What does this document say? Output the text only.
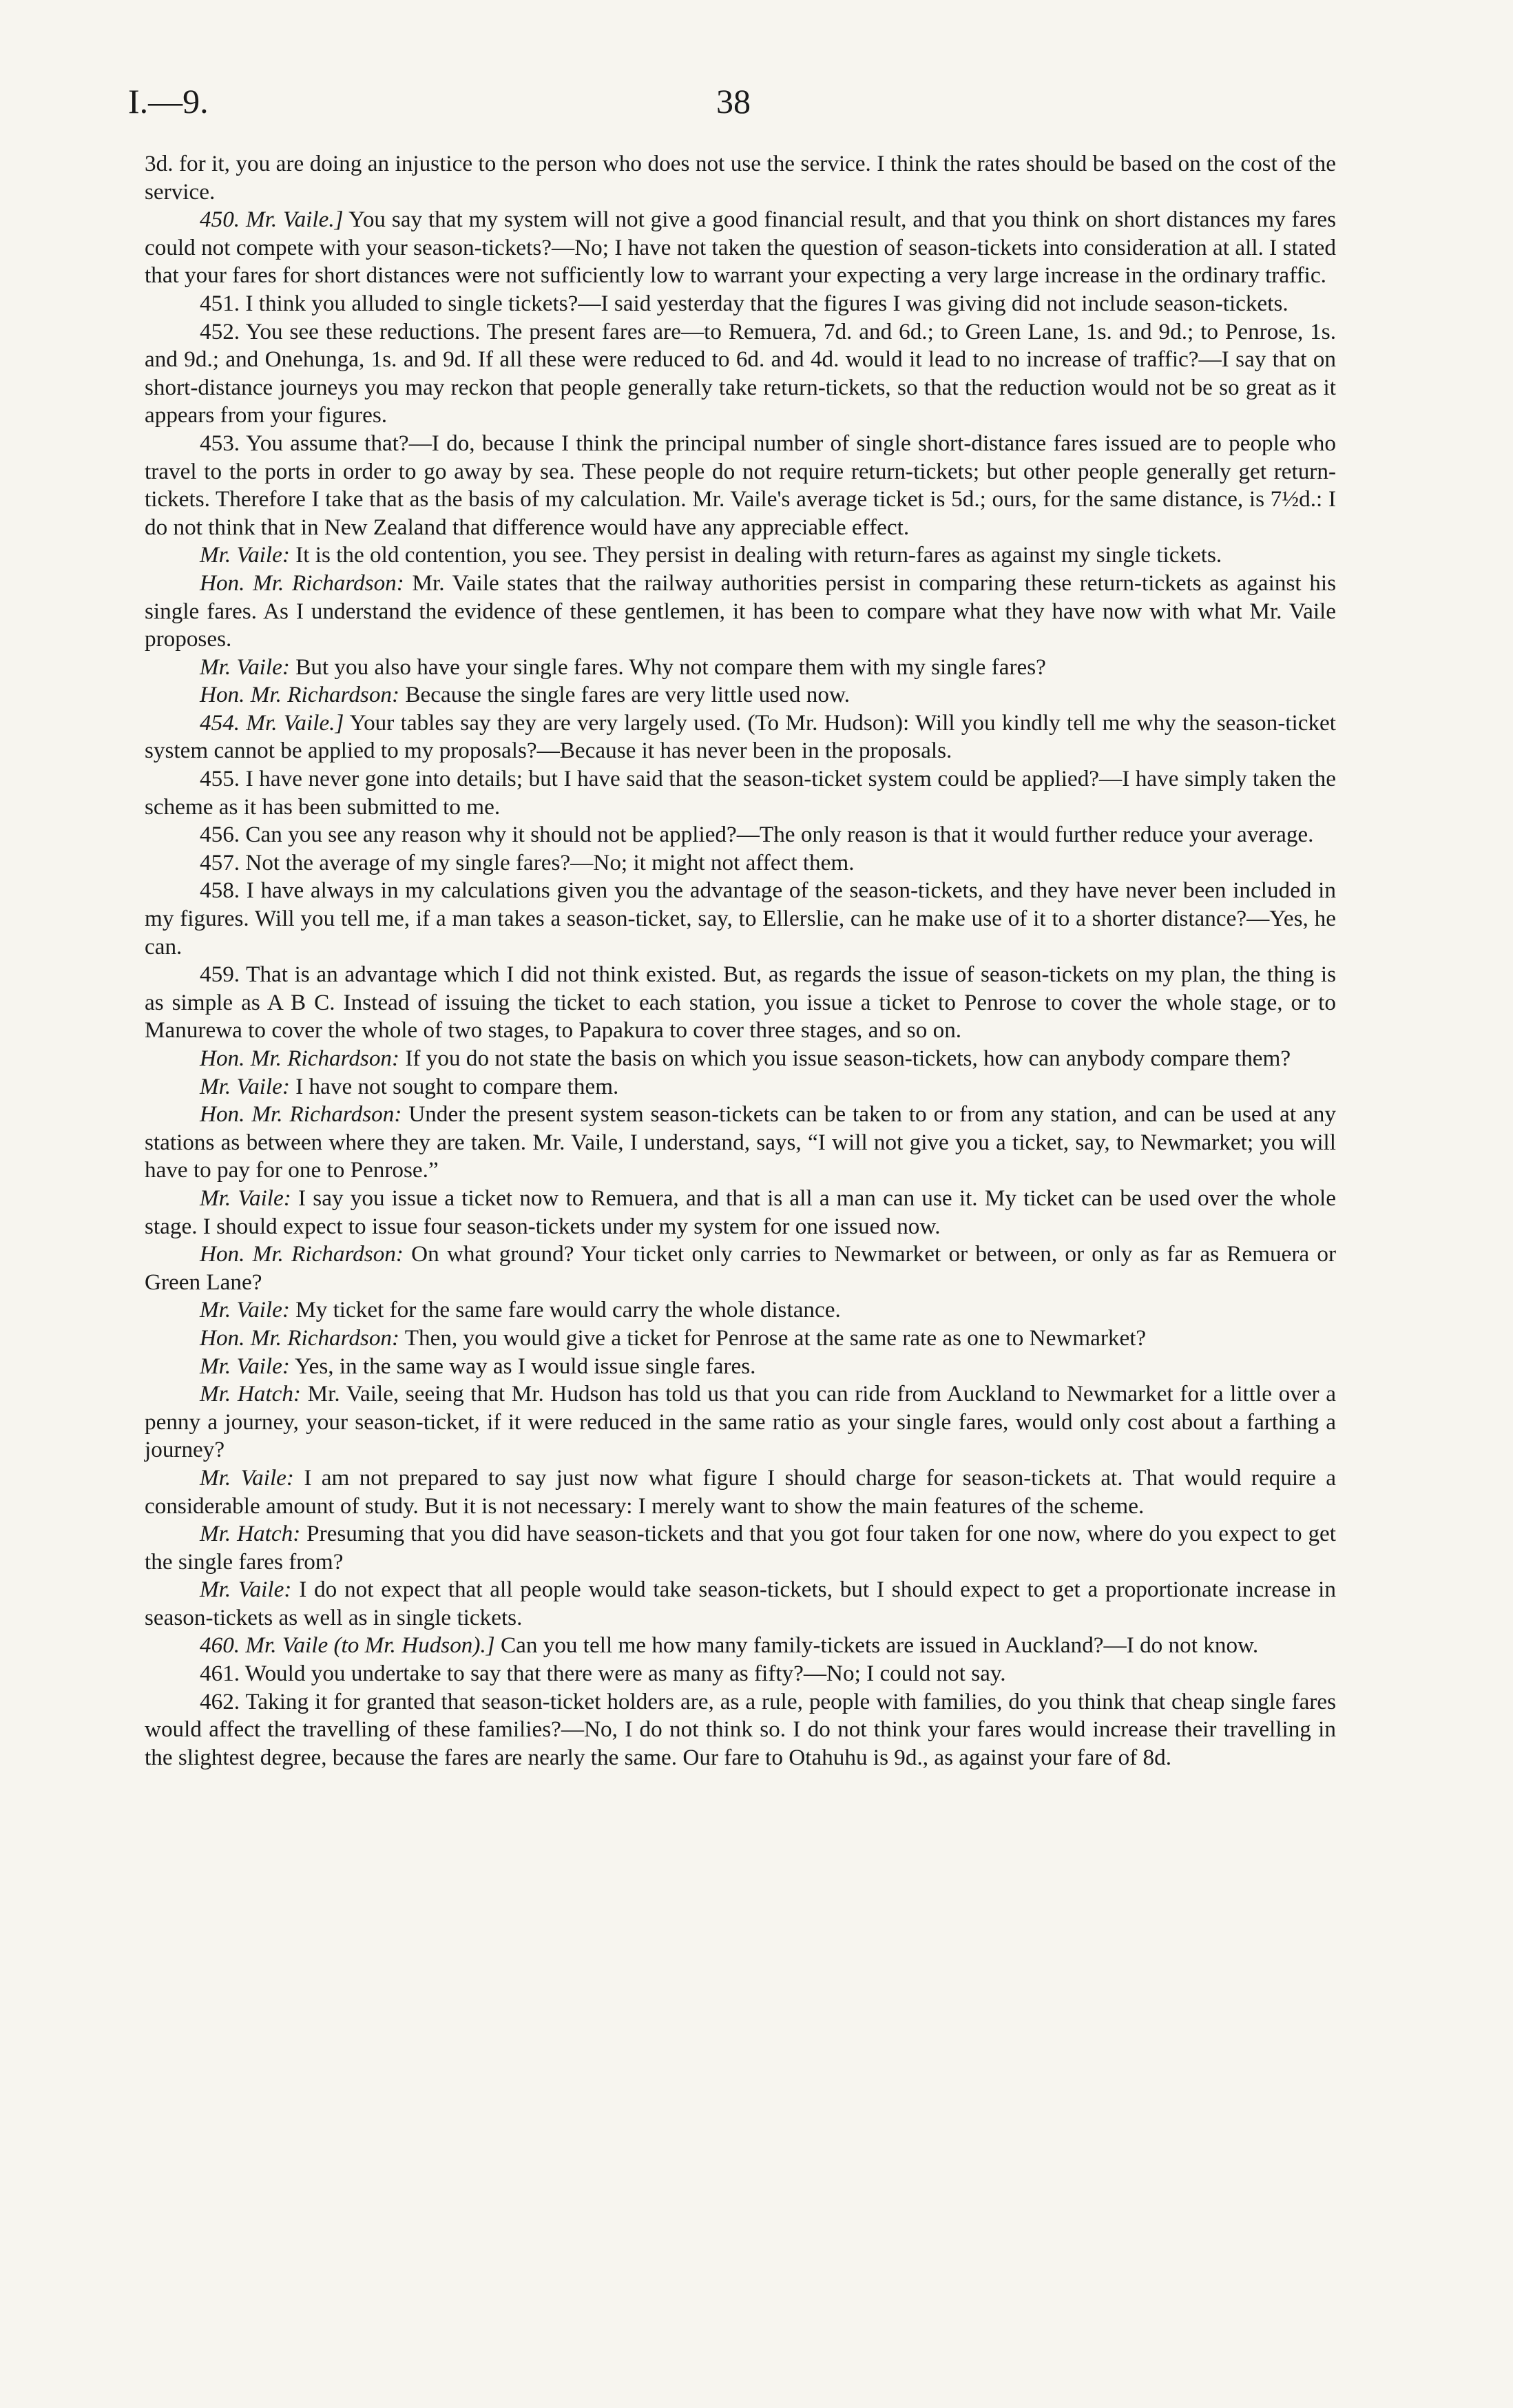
I.—9.	38

3d. for it, you are doing an injustice to the person who does not use the service. I think the rates should be based on the cost of the service.

450. Mr. Vaile.] You say that my system will not give a good financial result, and that you think on short distances my fares could not compete with your season-tickets?—No; I have not taken the question of season-tickets into consideration at all. I stated that your fares for short distances were not sufficiently low to warrant your expecting a very large increase in the ordinary traffic.

451. I think you alluded to single tickets?—I said yesterday that the figures I was giving did not include season-tickets.

452. You see these reductions. The present fares are—to Remuera, 7d. and 6d.; to Green Lane, 1s. and 9d.; to Penrose, 1s. and 9d.; and Onehunga, 1s. and 9d. If all these were reduced to 6d. and 4d. would it lead to no increase of traffic?—I say that on short-distance journeys you may reckon that people generally take return-tickets, so that the reduction would not be so great as it appears from your figures.

453. You assume that?—I do, because I think the principal number of single short-distance fares issued are to people who travel to the ports in order to go away by sea. These people do not require return-tickets; but other people generally get return-tickets. Therefore I take that as the basis of my calculation. Mr. Vaile's average ticket is 5d.; ours, for the same distance, is 7½d.: I do not think that in New Zealand that difference would have any appreciable effect.

Mr. Vaile: It is the old contention, you see. They persist in dealing with return-fares as against my single tickets.

Hon. Mr. Richardson: Mr. Vaile states that the railway authorities persist in comparing these return-tickets as against his single fares. As I understand the evidence of these gentlemen, it has been to compare what they have now with what Mr. Vaile proposes.

Mr. Vaile: But you also have your single fares. Why not compare them with my single fares?

Hon. Mr. Richardson: Because the single fares are very little used now.

454. Mr. Vaile.] Your tables say they are very largely used. (To Mr. Hudson): Will you kindly tell me why the season-ticket system cannot be applied to my proposals?—Because it has never been in the proposals.

455. I have never gone into details; but I have said that the season-ticket system could be applied?—I have simply taken the scheme as it has been submitted to me.

456. Can you see any reason why it should not be applied?—The only reason is that it would further reduce your average.

457. Not the average of my single fares?—No; it might not affect them.

458. I have always in my calculations given you the advantage of the season-tickets, and they have never been included in my figures. Will you tell me, if a man takes a season-ticket, say, to Ellerslie, can he make use of it to a shorter distance?—Yes, he can.

459. That is an advantage which I did not think existed. But, as regards the issue of season-tickets on my plan, the thing is as simple as A B C. Instead of issuing the ticket to each station, you issue a ticket to Penrose to cover the whole stage, or to Manurewa to cover the whole of two stages, to Papakura to cover three stages, and so on.

Hon. Mr. Richardson: If you do not state the basis on which you issue season-tickets, how can anybody compare them?

Mr. Vaile: I have not sought to compare them.

Hon. Mr. Richardson: Under the present system season-tickets can be taken to or from any station, and can be used at any stations as between where they are taken. Mr. Vaile, I understand, says, “I will not give you a ticket, say, to Newmarket; you will have to pay for one to Penrose.”

Mr. Vaile: I say you issue a ticket now to Remuera, and that is all a man can use it. My ticket can be used over the whole stage. I should expect to issue four season-tickets under my system for one issued now.

Hon. Mr. Richardson: On what ground? Your ticket only carries to Newmarket or between, or only as far as Remuera or Green Lane?

Mr. Vaile: My ticket for the same fare would carry the whole distance.

Hon. Mr. Richardson: Then, you would give a ticket for Penrose at the same rate as one to Newmarket?

Mr. Vaile: Yes, in the same way as I would issue single fares.

Mr. Hatch: Mr. Vaile, seeing that Mr. Hudson has told us that you can ride from Auckland to Newmarket for a little over a penny a journey, your season-ticket, if it were reduced in the same ratio as your single fares, would only cost about a farthing a journey?

Mr. Vaile: I am not prepared to say just now what figure I should charge for season-tickets at. That would require a considerable amount of study. But it is not necessary: I merely want to show the main features of the scheme.

Mr. Hatch: Presuming that you did have season-tickets and that you got four taken for one now, where do you expect to get the single fares from?

Mr. Vaile: I do not expect that all people would take season-tickets, but I should expect to get a proportionate increase in season-tickets as well as in single tickets.

460. Mr. Vaile (to Mr. Hudson).] Can you tell me how many family-tickets are issued in Auckland?—I do not know.

461. Would you undertake to say that there were as many as fifty?—No; I could not say.

462. Taking it for granted that season-ticket holders are, as a rule, people with families, do you think that cheap single fares would affect the travelling of these families?—No, I do not think so. I do not think your fares would increase their travelling in the slightest degree, because the fares are nearly the same. Our fare to Otahuhu is 9d., as against your fare of 8d.
